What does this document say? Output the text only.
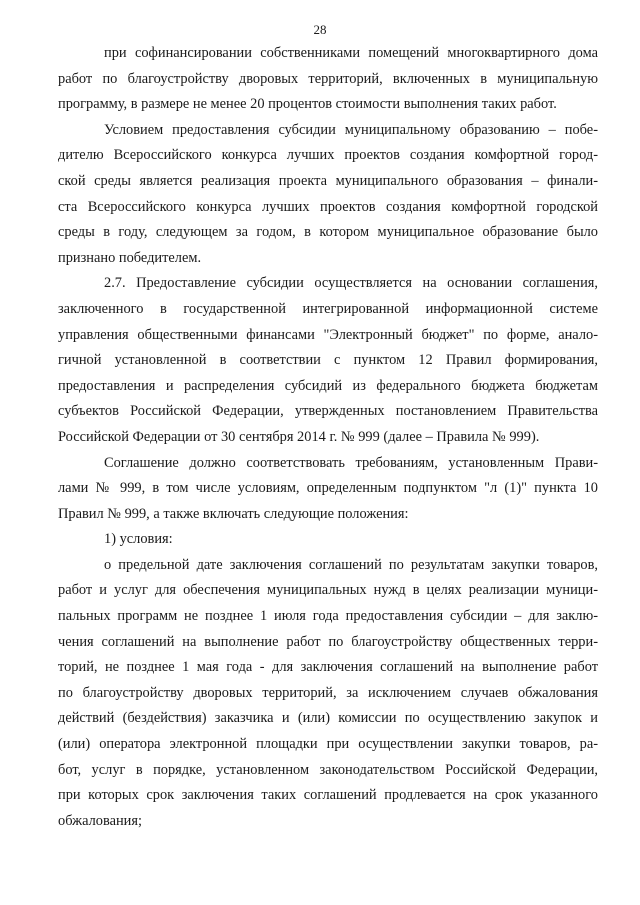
28
при софинансировании собственниками помещений многоквартирного дома
работ по благоустройству дворовых территорий, включенных в муниципальную
программу, в размере не менее 20 процентов стоимости выполнения таких работ.
Условием предоставления субсидии муниципальному образованию – побе-
дителю Всероссийского конкурса лучших проектов создания комфортной город-
ской среды является реализация проекта муниципального образования – финали-
ста Всероссийского конкурса лучших проектов создания комфортной городской
среды в году, следующем за годом, в котором муниципальное образование было
признано победителем.
2.7. Предоставление субсидии осуществляется на основании соглашения,
заключенного в государственной интегрированной информационной системе
управления общественными финансами "Электронный бюджет" по форме, анало-
гичной установленной в соответствии с пунктом 12 Правил формирования,
предоставления и распределения субсидий из федерального бюджета бюджетам
субъектов Российской Федерации, утвержденных постановлением Правительства
Российской Федерации от 30 сентября 2014 г. № 999 (далее – Правила № 999).
Соглашение должно соответствовать требованиям, установленным Прави-
лами № 999, в том числе условиям, определенным подпунктом "л (1)" пункта 10
Правил № 999, а также включать следующие положения:
1) условия:
о предельной дате заключения соглашений по результатам закупки товаров,
работ и услуг для обеспечения муниципальных нужд в целях реализации муници-
пальных программ не позднее 1 июля года предоставления субсидии – для заклю-
чения соглашений на выполнение работ по благоустройству общественных терри-
торий, не позднее 1 мая года - для заключения соглашений на выполнение работ
по благоустройству дворовых территорий, за исключением случаев обжалования
действий (бездействия) заказчика и (или) комиссии по осуществлению закупок и
(или) оператора электронной площадки при осуществлении закупки товаров, ра-
бот, услуг в порядке, установленном законодательством Российской Федерации,
при которых срок заключения таких соглашений продлевается на срок указанного
обжалования;
